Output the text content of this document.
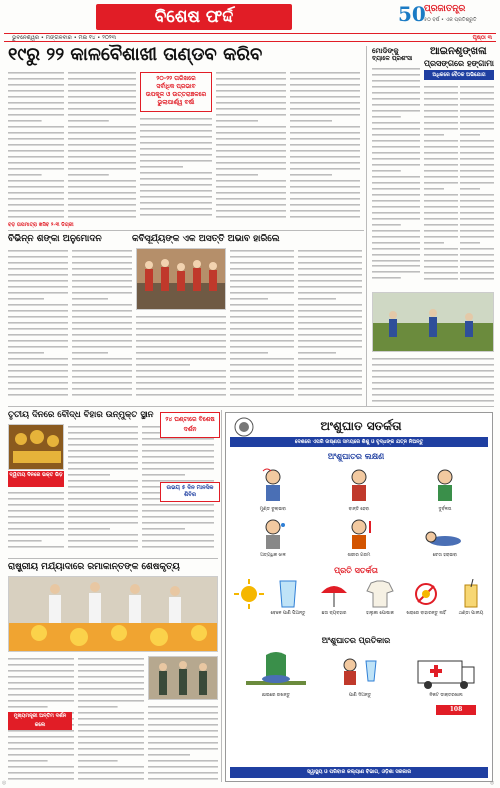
ବିଶେଷ ଫର୍ଦ୍ଦ	50
ପ୍ରଜାତନ୍ତ୍ର
୫୦ ବର୍ଷ • ଏକ ପ୍ରତିଶ୍ରୁତି
ଭୁବନେଶ୍ୱର • ମଙ୍ଗଳବାର • ମଇ ୧୪ • ୨୦୨୩	ପୃଷ୍ଠା ୩
୧୯ରୁ ୨୨ କାଳବୈଶାଖୀ ତାଣ୍ଡବ କରିବ
୨୦-୨୨ ତାରିଖରେ
ସର୍ବାଧିକ ପ୍ରଭାବ
ଉପକୂଳ ଓ ଉତ୍ତରାଞ୍ଚଳରେ
ଭୁଲାପାର୍ଶ୍ୱ ବର୍ଷା
ବଡ଼ ତାପମାତ୍ରା ଖସିବ ୨-୩ ଡିଗ୍ରୀ
ମୋଡିଙ୍କୁ
ବ୍ୟାଳେ ପ୍ରଶଂସା
ଆଇନଶୃଙ୍ଖଳା
ପ୍ରସଙ୍ଗରେ ହଙ୍ଗାମା
ଅଧିକରେ ବୈଠକ ଅଭିଯୋଗ
ବିଭିନ୍ନ ଶଙ୍କା ଅନୁମୋଦନ	କବିସୂର୍ଯ୍ୟଙ୍କ ଏକ ଅସତ୍ତି ଅଭାବ ହାରିଲେ
ତୃତୀୟ ଦିନରେ ବୌଦ୍ଧ ବିହାର ଉନ୍ମୁକ୍ତ ସ୍ଥାନ
ଦ୍ୱିତୀୟ ଦିନରେ ଭକ୍ତ ଭିଡ଼
୨୪ ଘଣ୍ଟାରେ ବିଶେଷ ଦର୍ଶନ
ଉଭୟ ୫ ଦିନ ମାନସିକ ଶିବିର
ରାଷ୍ଟ୍ରୀୟ ମର୍ଯ୍ୟାଦାରେ ରମାକାନ୍ତଙ୍କ ଶେଷକୃତ୍ୟ
ମୁଖ୍ୟମନ୍ତ୍ରୀ ଅନ୍ତିମ ଦର୍ଶନ କଲେ
ଅଂଶୁଘାତ ସତର୍କତା
ଦେଶରେ ଏପରି ଉଷ୍ଣତା ସମୟରେ ଶିଶୁ ଓ ବୃଦ୍ଧଙ୍କ ଯତ୍ନ ନିଅନ୍ତୁ
ଅଂଶୁଘାତର ଲକ୍ଷଣ
ମୁଣ୍ଡ ବୁଲାଇବା	ବାନ୍ତି ହେବା	ଦୁର୍ବଳତା
ଅତ୍ୟଧିକ ଝାଳ	ଶରୀର ଗରମ	ଚେତା ହରାଇବା
ପ୍ରତି ସତର୍କତା
ବେଳେ ପାଣି ପିଅନ୍ତୁ	ଛତା ବ୍ୟବହାର	ହାଲୁକା ପୋଷାକ	ଖରାରେ ବାହାରନ୍ତୁ ନାହିଁ	ଥଣ୍ଡା ପାନୀୟ
ଅଂଶୁଘାତର ପ୍ରତିକାର
ଛାଇରେ ରଖନ୍ତୁ	ପାଣି ଦିଅନ୍ତୁ	ନିକଟ ଡାକ୍ତରଖାନା
108
ସ୍ୱାସ୍ଥ୍ୟ ଓ ପରିବାର କଲ୍ୟାଣ ବିଭାଗ, ଓଡ଼ିଶା ସରକାର
◎	◎
